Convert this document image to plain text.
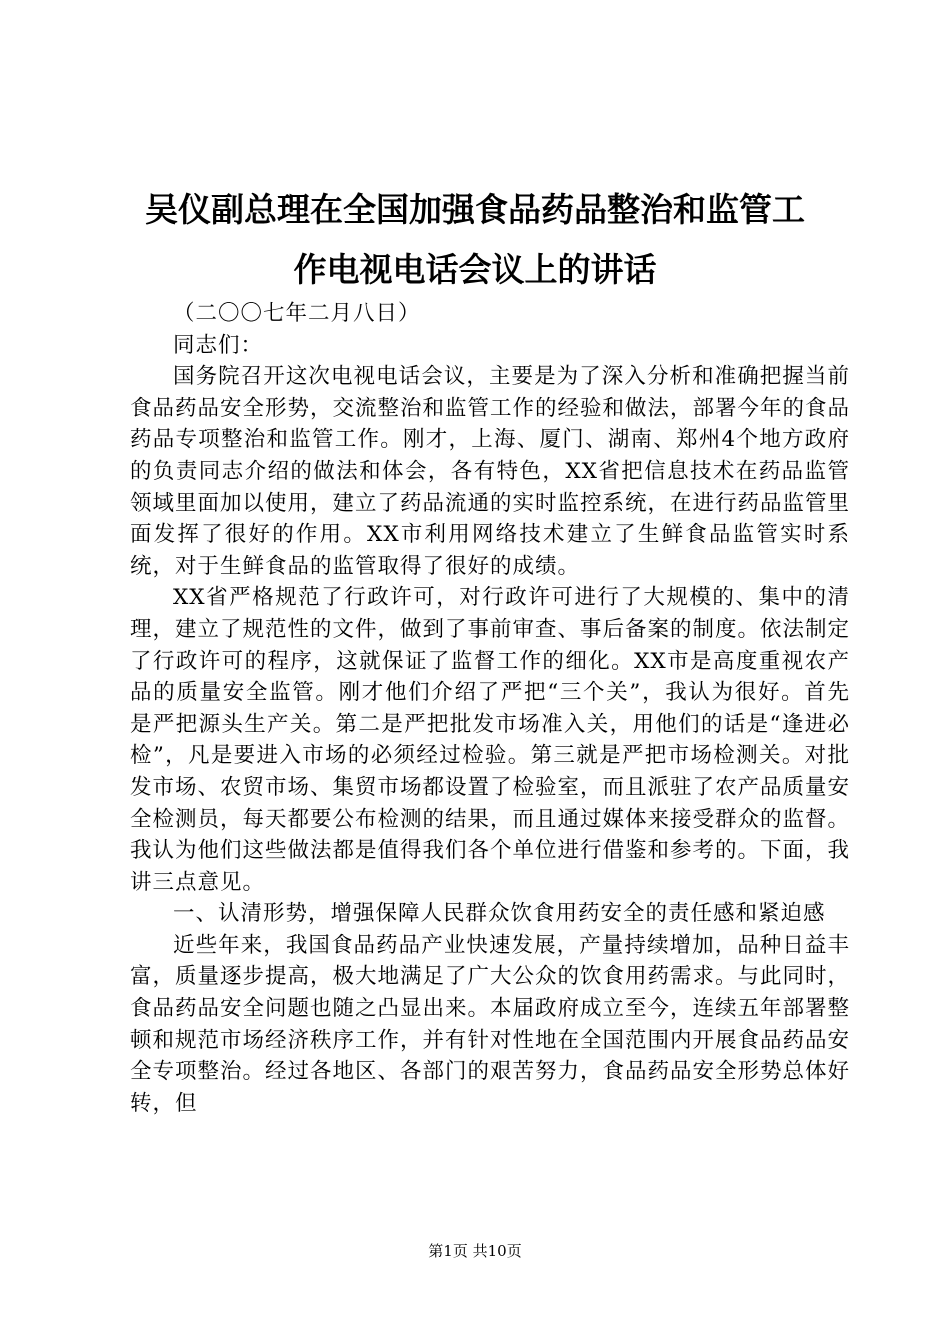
吴仪副总理在全国加强食品药品整治和监管工
作电视电话会议上的讲话

（二〇〇七年二月八日）

同志们：

国务院召开这次电视电话会议，主要是为了深入分析和准确把握当前食品药品安全形势，交流整治和监管工作的经验和做法，部署今年的食品药品专项整治和监管工作。刚才，上海、厦门、湖南、郑州4个地方政府的负责同志介绍的做法和体会，各有特色，XX省把信息技术在药品监管领域里面加以使用，建立了药品流通的实时监控系统，在进行药品监管里面发挥了很好的作用。XX市利用网络技术建立了生鲜食品监管实时系统，对于生鲜食品的监管取得了很好的成绩。

XX省严格规范了行政许可，对行政许可进行了大规模的、集中的清理，建立了规范性的文件，做到了事前审查、事后备案的制度。依法制定了行政许可的程序，这就保证了监督工作的细化。XX市是高度重视农产品的质量安全监管。刚才他们介绍了严把“三个关”，我认为很好。首先是严把源头生产关。第二是严把批发市场准入关，用他们的话是“逢进必检”，凡是要进入市场的必须经过检验。第三就是严把市场检测关。对批发市场、农贸市场、集贸市场都设置了检验室，而且派驻了农产品质量安全检测员，每天都要公布检测的结果，而且通过媒体来接受群众的监督。我认为他们这些做法都是值得我们各个单位进行借鉴和参考的。下面，我讲三点意见。

一、认清形势，增强保障人民群众饮食用药安全的责任感和紧迫感

近些年来，我国食品药品产业快速发展，产量持续增加，品种日益丰富，质量逐步提高，极大地满足了广大公众的饮食用药需求。与此同时，食品药品安全问题也随之凸显出来。本届政府成立至今，连续五年部署整顿和规范市场经济秩序工作，并有针对性地在全国范围内开展食品药品安全专项整治。经过各地区、各部门的艰苦努力，食品药品安全形势总体好转，但

第1页 共10页
